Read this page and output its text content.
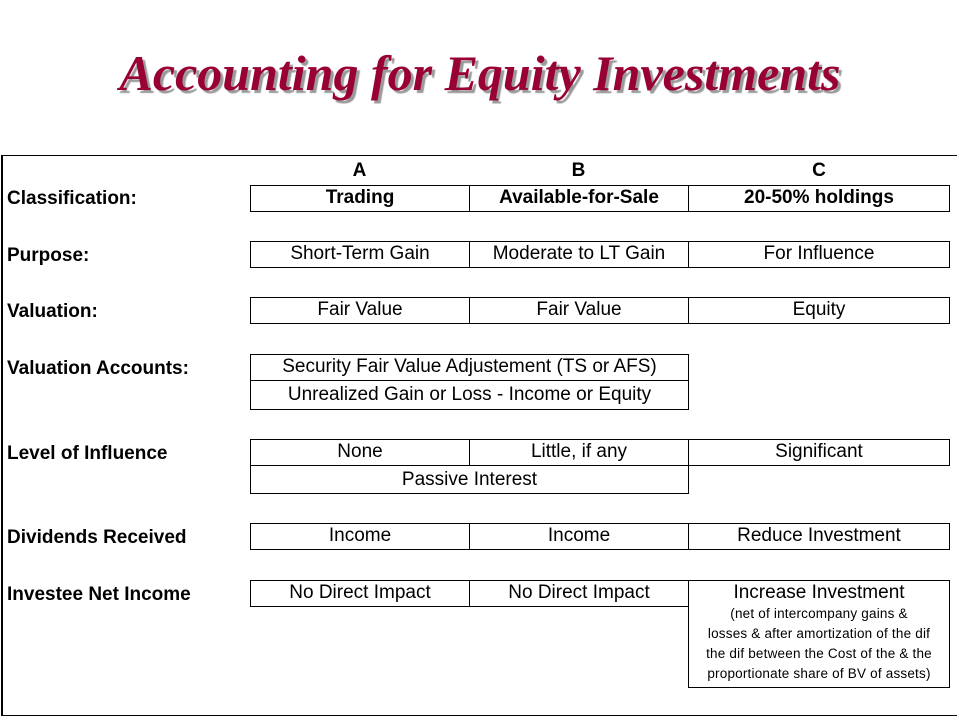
Accounting for Equity Investments
A	B	C
Classification:	Trading	Available-for-Sale	20-50% holdings
Purpose:	Short-Term Gain	Moderate to LT Gain	For Influence
Valuation:	Fair Value	Fair Value	Equity
Valuation Accounts:	Security Fair Value Adjustement (TS or AFS)
Unrealized Gain or Loss - Income or Equity
Level of Influence	None	Little, if any	Significant
Passive Interest
Dividends Received	Income	Income	Reduce Investment
Investee Net Income	No Direct Impact	No Direct Impact	Increase Investment
(net of intercompany gains &
losses & after amortization of the dif
the dif between the Cost of the & the
proportionate share of BV of assets)
